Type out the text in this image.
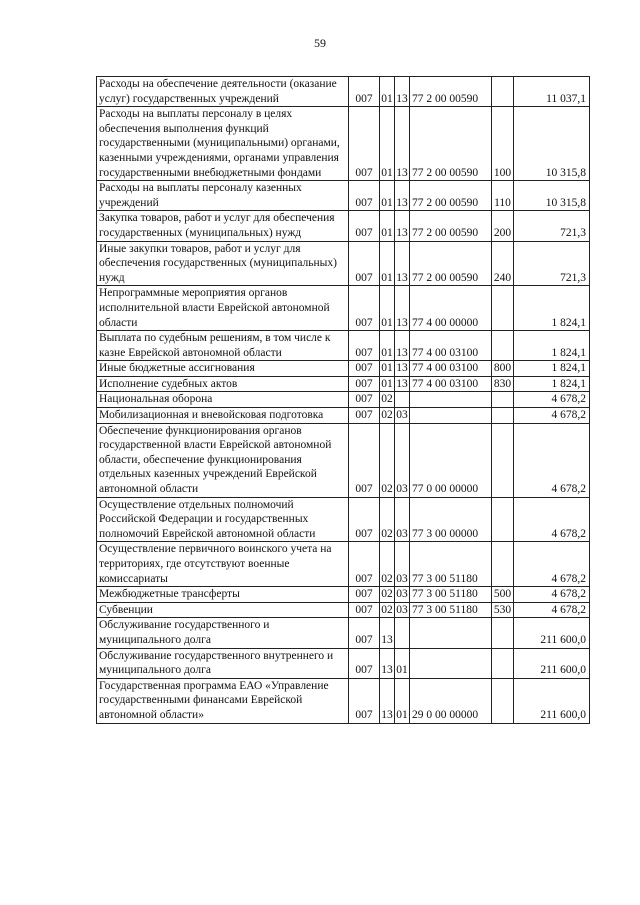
59
Расходы на обеспечение деятельности (оказание услуг) государственных учреждений	007	01	13	77 2 00 00590		11 037,1
Расходы на выплаты персоналу в целях обеспечения выполнения функций государственными (муниципальными) органами, казенными учреждениями, органами управления государственными внебюджетными фондами	007	01	13	77 2 00 00590	100	10 315,8
Расходы на выплаты персоналу казенных учреждений	007	01	13	77 2 00 00590	110	10 315,8
Закупка товаров, работ и услуг для обеспечения государственных (муниципальных) нужд	007	01	13	77 2 00 00590	200	721,3
Иные закупки товаров, работ и услуг для обеспечения государственных (муниципальных) нужд	007	01	13	77 2 00 00590	240	721,3
Непрограммные мероприятия органов исполнительной власти Еврейской автономной области	007	01	13	77 4 00 00000		1 824,1
Выплата по судебным решениям, в том числе к казне Еврейской автономной области	007	01	13	77 4 00 03100		1 824,1
Иные бюджетные ассигнования	007	01	13	77 4 00 03100	800	1 824,1
Исполнение судебных актов	007	01	13	77 4 00 03100	830	1 824,1
Национальная оборона	007	02				4 678,2
Мобилизационная и вневойсковая подготовка	007	02	03			4 678,2
Обеспечение функционирования органов государственной власти Еврейской автономной области, обеспечение функционирования отдельных казенных учреждений Еврейской автономной области	007	02	03	77 0 00 00000		4 678,2
Осуществление отдельных полномочий Российской Федерации и государственных полномочий Еврейской автономной области	007	02	03	77 3 00 00000		4 678,2
Осуществление первичного воинского учета на территориях, где отсутствуют военные комиссариаты	007	02	03	77 3 00 51180		4 678,2
Межбюджетные трансферты	007	02	03	77 3 00 51180	500	4 678,2
Субвенции	007	02	03	77 3 00 51180	530	4 678,2
Обслуживание государственного и муниципального долга	007	13				211 600,0
Обслуживание государственного внутреннего и муниципального долга	007	13	01			211 600,0
Государственная программа ЕАО «Управление государственными финансами Еврейской автономной области»	007	13	01	29 0 00 00000		211 600,0
